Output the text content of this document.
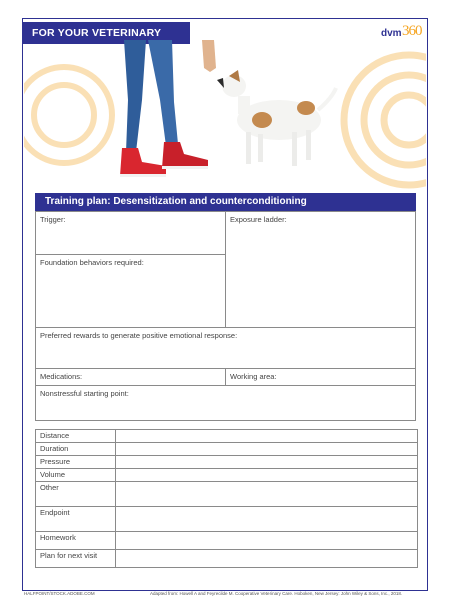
FOR YOUR VETERINARY TEAM
dvm 360
Training plan: Desensitization and counterconditioning
Trigger:	Exposure ladder:
Foundation behaviors required:
Preferred rewards to generate positive emotional response:
Medications:	Working area:
Nonstressful starting point:
Distance	
Duration	
Pressure	
Volume	
Other	
Endpoint	
Homework	
Plan for next visit	
HALFPOINT/STOCK.ADOBE.COM	Adapted from: Howell A and Feyrecilde M. Cooperative Veterinary Care. Hoboken, New Jersey: John Wiley & Sons, Inc., 2018.
